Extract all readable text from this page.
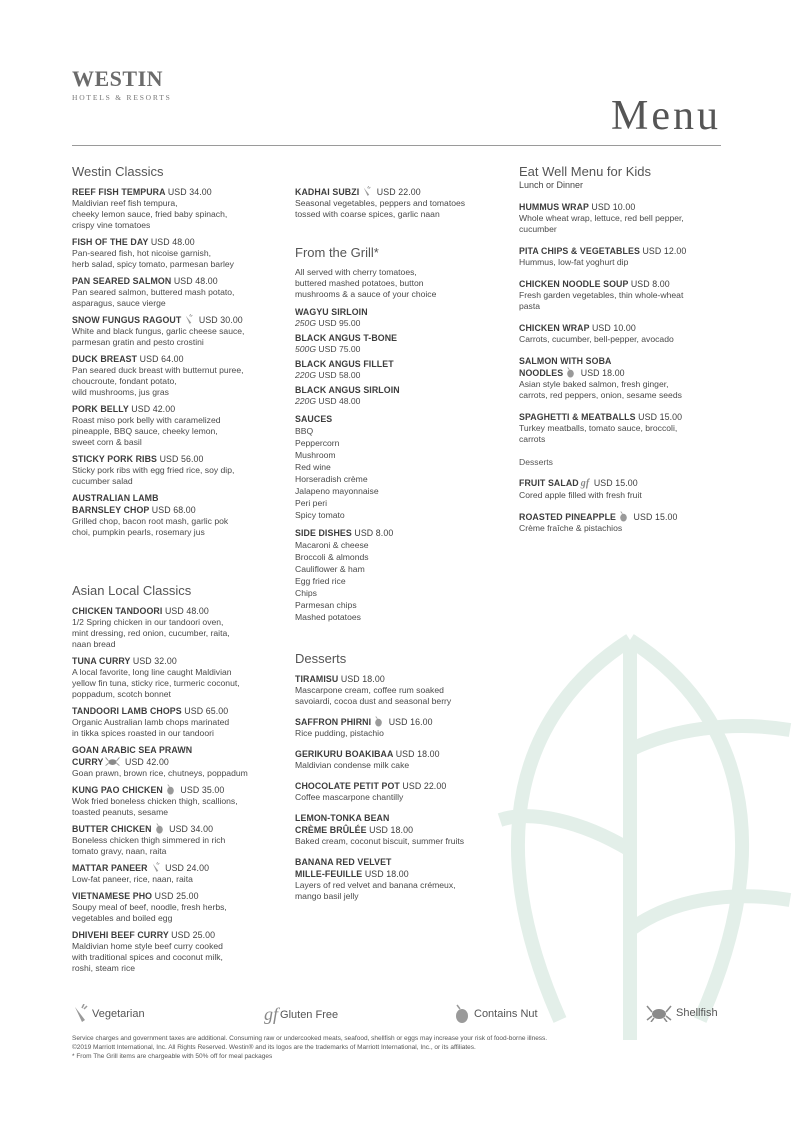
WESTIN
HOTELS & RESORTS	Menu
Westin Classics
REEF FISH TEMPURA USD 34.00
Maldivian reef fish tempura,
cheeky lemon sauce, fried baby spinach,
crispy vine tomatoes
FISH OF THE DAY USD 48.00
Pan-seared fish, hot nicoise garnish,
herb salad, spicy tomato, parmesan barley
PAN SEARED SALMON USD 48.00
Pan seared salmon, buttered mash potato,
asparagus, sauce vierge
SNOW FUNGUS RAGOUT USD 30.00
White and black fungus, garlic cheese sauce,
parmesan gratin and pesto crostini
DUCK BREAST USD 64.00
Pan seared duck breast with butternut puree,
choucroute, fondant potato,
wild mushrooms, jus gras
PORK BELLY USD 42.00
Roast miso pork belly with caramelized
pineapple, BBQ sauce, cheeky lemon,
sweet corn & basil
STICKY PORK RIBS USD 56.00
Sticky pork ribs with egg fried rice, soy dip,
cucumber salad
AUSTRALIAN LAMB
BARNSLEY CHOP USD 68.00
Grilled chop, bacon root mash, garlic pok
choi, pumpkin pearls, rosemary jus
Asian Local Classics
CHICKEN TANDOORI USD 48.00
1/2 Spring chicken in our tandoori oven,
mint dressing, red onion, cucumber, raita,
naan bread
TUNA CURRY USD 32.00
A local favorite, long line caught Maldivian
yellow fin tuna, sticky rice, turmeric coconut,
poppadum, scotch bonnet
TANDOORI LAMB CHOPS USD 65.00
Organic Australian lamb chops marinated
in tikka spices roasted in our tandoori
GOAN ARABIC SEA PRAWN
CURRY USD 42.00
Goan prawn, brown rice, chutneys, poppadum
KUNG PAO CHICKEN USD 35.00
Wok fried boneless chicken thigh, scallions,
toasted peanuts, sesame
BUTTER CHICKEN USD 34.00
Boneless chicken thigh simmered in rich
tomato gravy, naan, raita
MATTAR PANEER USD 24.00
Low-fat paneer, rice, naan, raita
VIETNAMESE PHO USD 25.00
Soupy meal of beef, noodle, fresh herbs,
vegetables and boiled egg
DHIVEHI BEEF CURRY USD 25.00
Maldivian home style beef curry cooked
with traditional spices and coconut milk,
roshi, steam rice
KADHAI SUBZI USD 22.00
Seasonal vegetables, peppers and tomatoes
tossed with coarse spices, garlic naan
From the Grill*
All served with cherry tomatoes,
buttered mashed potatoes, button
mushrooms & a sauce of your choice
WAGYU SIRLOIN
250G USD 95.00
BLACK ANGUS T-BONE
500G USD 75.00
BLACK ANGUS FILLET
220G USD 58.00
BLACK ANGUS SIRLOIN
220G USD 48.00
SAUCES
BBQ
Peppercorn
Mushroom
Red wine
Horseradish crème
Jalapeno mayonnaise
Peri peri
Spicy tomato
SIDE DISHES USD 8.00
Macaroni & cheese
Broccoli & almonds
Cauliflower & ham
Egg fried rice
Chips
Parmesan chips
Mashed potatoes
Desserts
TIRAMISU USD 18.00
Mascarpone cream, coffee rum soaked
savoiardi, cocoa dust and seasonal berry
SAFFRON PHIRNI USD 16.00
Rice pudding, pistachio
GERIKURU BOAKIBAA USD 18.00
Maldivian condense milk cake
CHOCOLATE PETIT POT USD 22.00
Coffee mascarpone chantilly
LEMON-TONKA BEAN
CRÈME BRÛLÉE USD 18.00
Baked cream, coconut biscuit, summer fruits
BANANA RED VELVET
MILLE-FEUILLE USD 18.00
Layers of red velvet and banana crémeux,
mango basil jelly
Eat Well Menu for Kids
Lunch or Dinner
HUMMUS WRAP USD 10.00
Whole wheat wrap, lettuce, red bell pepper,
cucumber
PITA CHIPS & VEGETABLES USD 12.00
Hummus, low-fat yoghurt dip
CHICKEN NOODLE SOUP USD 8.00
Fresh garden vegetables, thin whole-wheat
pasta
CHICKEN WRAP USD 10.00
Carrots, cucumber, bell-pepper, avocado
SALMON WITH SOBA
NOODLES USD 18.00
Asian style baked salmon, fresh ginger,
carrots, red peppers, onion, sesame seeds
SPAGHETTI & MEATBALLS USD 15.00
Turkey meatballs, tomato sauce, broccoli,
carrots
Desserts
FRUIT SALAD gf USD 15.00
Cored apple filled with fresh fruit
ROASTED PINEAPPLE USD 15.00
Crème fraîche & pistachios
Vegetarian	gf Gluten Free	Contains Nut	Shellfish
Service charges and government taxes are additional. Consuming raw or undercooked meats, seafood, shellfish or eggs may increase your risk of food-borne illness.
©2019 Marriott International, Inc. All Rights Reserved. Westin® and its logos are the trademarks of Marriott International, Inc., or its affiliates.
* From The Grill items are chargeable with 50% off for meal packages
